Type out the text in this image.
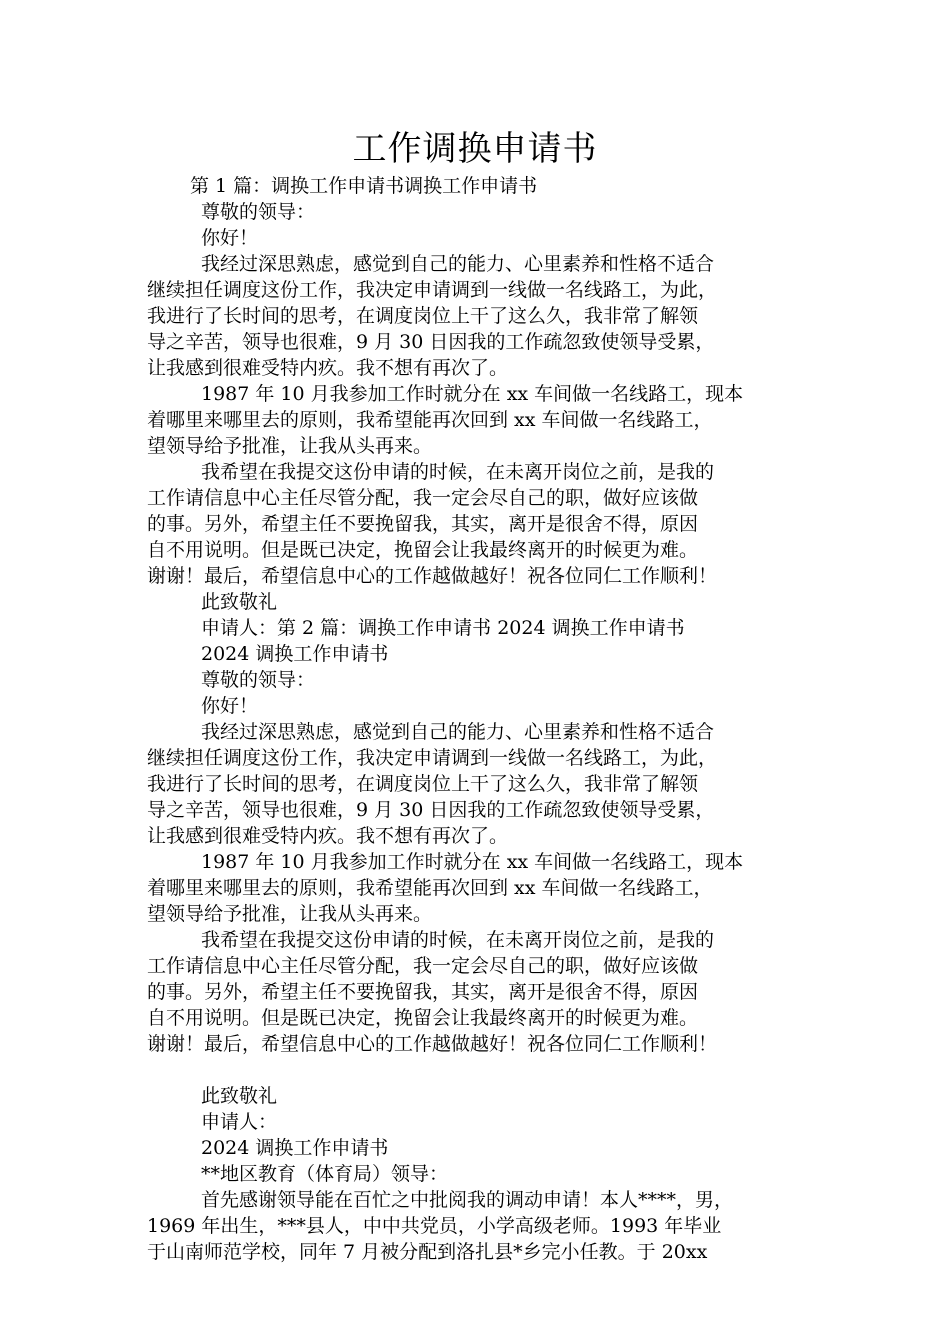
工作调换申请书
第 1 篇：调换工作申请书调换工作申请书
尊敬的领导：
你好！
我经过深思熟虑，感觉到自己的能力、心里素养和性格不适合
继续担任调度这份工作，我决定申请调到一线做一名线路工，为此，
我进行了长时间的思考，在调度岗位上干了这么久，我非常了解领
导之辛苦，领导也很难，9 月 30 日因我的工作疏忽致使领导受累，
让我感到很难受特内疚。我不想有再次了。
1987 年 10 月我参加工作时就分在 xx 车间做一名线路工，现本
着哪里来哪里去的原则，我希望能再次回到 xx 车间做一名线路工，
望领导给予批准，让我从头再来。
我希望在我提交这份申请的时候，在未离开岗位之前，是我的
工作请信息中心主任尽管分配，我一定会尽自己的职，做好应该做
的事。另外，希望主任不要挽留我，其实，离开是很舍不得，原因
自不用说明。但是既已决定，挽留会让我最终离开的时候更为难。
谢谢！最后，希望信息中心的工作越做越好！祝各位同仁工作顺利！
此致敬礼
申请人：第 2 篇：调换工作申请书 2024 调换工作申请书
2024 调换工作申请书
尊敬的领导：
你好！
我经过深思熟虑，感觉到自己的能力、心里素养和性格不适合
继续担任调度这份工作，我决定申请调到一线做一名线路工，为此，
我进行了长时间的思考，在调度岗位上干了这么久，我非常了解领
导之辛苦，领导也很难，9 月 30 日因我的工作疏忽致使领导受累，
让我感到很难受特内疚。我不想有再次了。
1987 年 10 月我参加工作时就分在 xx 车间做一名线路工，现本
着哪里来哪里去的原则，我希望能再次回到 xx 车间做一名线路工，
望领导给予批准，让我从头再来。
我希望在我提交这份申请的时候，在未离开岗位之前，是我的
工作请信息中心主任尽管分配，我一定会尽自己的职，做好应该做
的事。另外，希望主任不要挽留我，其实，离开是很舍不得，原因
自不用说明。但是既已决定，挽留会让我最终离开的时候更为难。
谢谢！最后，希望信息中心的工作越做越好！祝各位同仁工作顺利！
此致敬礼
申请人：
2024 调换工作申请书
**地区教育（体育局）领导：
首先感谢领导能在百忙之中批阅我的调动申请！本人****，男，
1969 年出生，***县人，中中共党员，小学高级老师。1993 年毕业
于山南师范学校，同年 7 月被分配到洛扎县*乡完小任教。于 20xx
